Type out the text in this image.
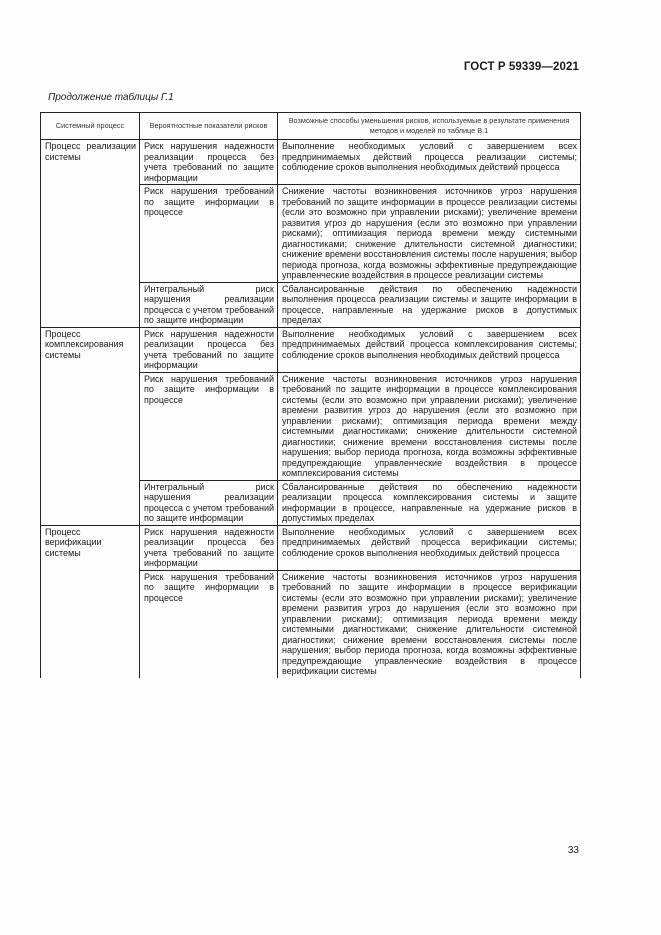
ГОСТ Р 59339—2021
Продолжение таблицы Г.1
Системный процесс	Вероятностные показатели рисков	Возможные способы уменьшения рисков, используемые в результате применения методов и моделей по таблице В.1
Процесс реализации системы	Риск нарушения надежности реализации процесса без учета требований по защите информации	Выполнение необходимых условий с завершением всех предпринимаемых действий процесса реализации системы; соблюдение сроков выполнения необходимых действий процесса
	Риск нарушения требований по защите информации в процессе	Снижение частоты возникновения источников угроз нарушения требований по защите информации в процессе реализации системы (если это возможно при управлении рисками); увеличение времени развития угроз до нарушения (если это возможно при управлении рисками); оптимизация периода времени между системными диагностиками; снижение длительности системной диагностики; снижение времени восстановления системы после нарушения; выбор периода прогноза, когда возможны эффективные предупреждающие управленческие воздействия в процессе реализации системы
	Интегральный риск нарушения реализации процесса с учетом требований по защите информации	Сбалансированные действия по обеспечению надежности выполнения процесса реализации системы и защите информации в процессе, направленные на удержание рисков в допустимых пределах
Процесс комплексирования системы	Риск нарушения надежности реализации процесса без учета требований по защите информации	Выполнение необходимых условий с завершением всех предпринимаемых действий процесса комплексирования системы; соблюдение сроков выполнения необходимых действий процесса
	Риск нарушения требований по защите информации в процессе	Снижение частоты возникновения источников угроз нарушения требований по защите информации в процессе комплексирования системы (если это возможно при управлении рисками); увеличение времени развития угроз до нарушения (если это возможно при управлении рисками); оптимизация периода времени между системными диагностиками; снижение длительности системной диагностики; снижение времени восстановления системы после нарушения; выбор периода прогноза, когда возможны эффективные предупреждающие управленческие воздействия в процессе комплексирования системы
	Интегральный риск нарушения реализации процесса с учетом требований по защите информации	Сбалансированные действия по обеспечению надежности реализации процесса комплексирования системы и защите информации в процессе, направленные на удержание рисков в допустимых пределах
Процесс верификации системы	Риск нарушения надежности реализации процесса без учета требований по защите информации	Выполнение необходимых условий с завершением всех предпринимаемых действий процесса верификации системы; соблюдение сроков выполнения необходимых действий процесса
	Риск нарушения требований по защите информации в процессе	Снижение частоты возникновения источников угроз нарушения требований по защите информации в процессе верификации системы (если это возможно при управлении рисками); увеличение времени развития угроз до нарушения (если это возможно при управлении рисками); оптимизация периода времени между системными диагностиками; снижение длительности системной диагностики; снижение времени восстановления системы после нарушения; выбор периода прогноза, когда возможны эффективные предупреждающие управленческие воздействия в процессе верификации системы
33
